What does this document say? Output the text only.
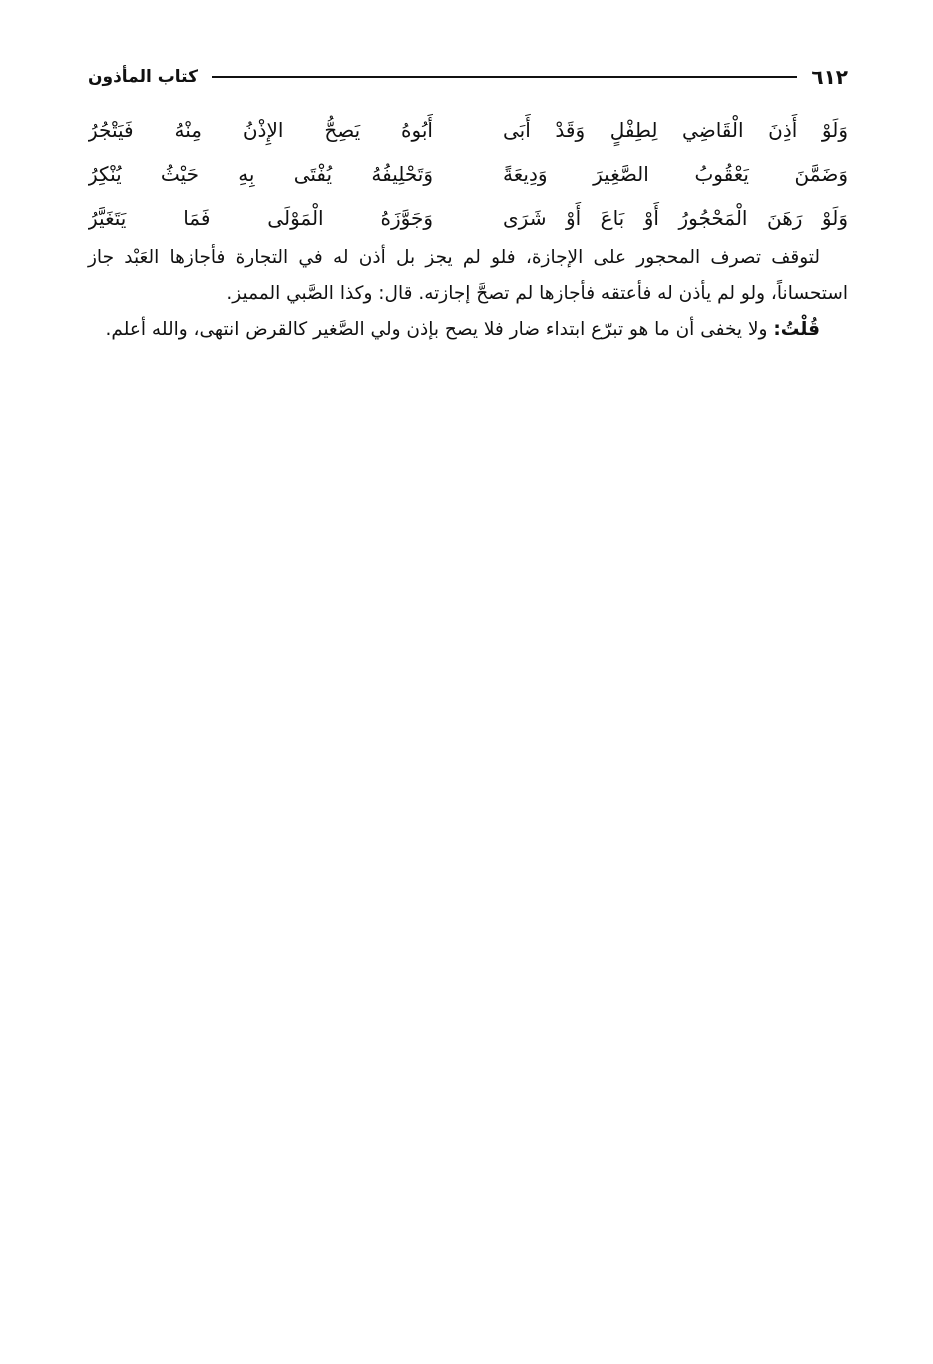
٦١٢
كتاب المأذون
وَلَوْ أَذِنَ الْقَاضِي لِطِفْلٍ وَقَدْ أَبَى
أَبُوهُ يَصِحُّ الإِذْنُ مِنْهُ فَيَتْجُرُ
وَضَمَّنَ يَعْقُوبُ الصَّغِيرَ وَدِيعَةً
وَتَحْلِيفُهُ يُفْتَى بِهِ حَيْثُ يُنْكِرُ
وَلَوْ رَهَنَ الْمَحْجُورُ أَوْ بَاعَ أَوْ شَرَى
وَجَوَّزَهُ الْمَوْلَى فَمَا يَتَغَيَّرُ

لتوقف تصرف المحجور على الإجازة، فلو لم يجز بل أذن له في التجارة فأجازها العَبْد جاز استحساناً، ولو لم يأذن له فأعتقه فأجازها لم تصحَّ إجازته. قال: وكذا الصَّبي المميز.

قُلْتُ: ولا يخفى أن ما هو تبرّع ابتداء ضار فلا يصح بإذن ولي الصَّغير كالقرض انتهى، والله أعلم.
